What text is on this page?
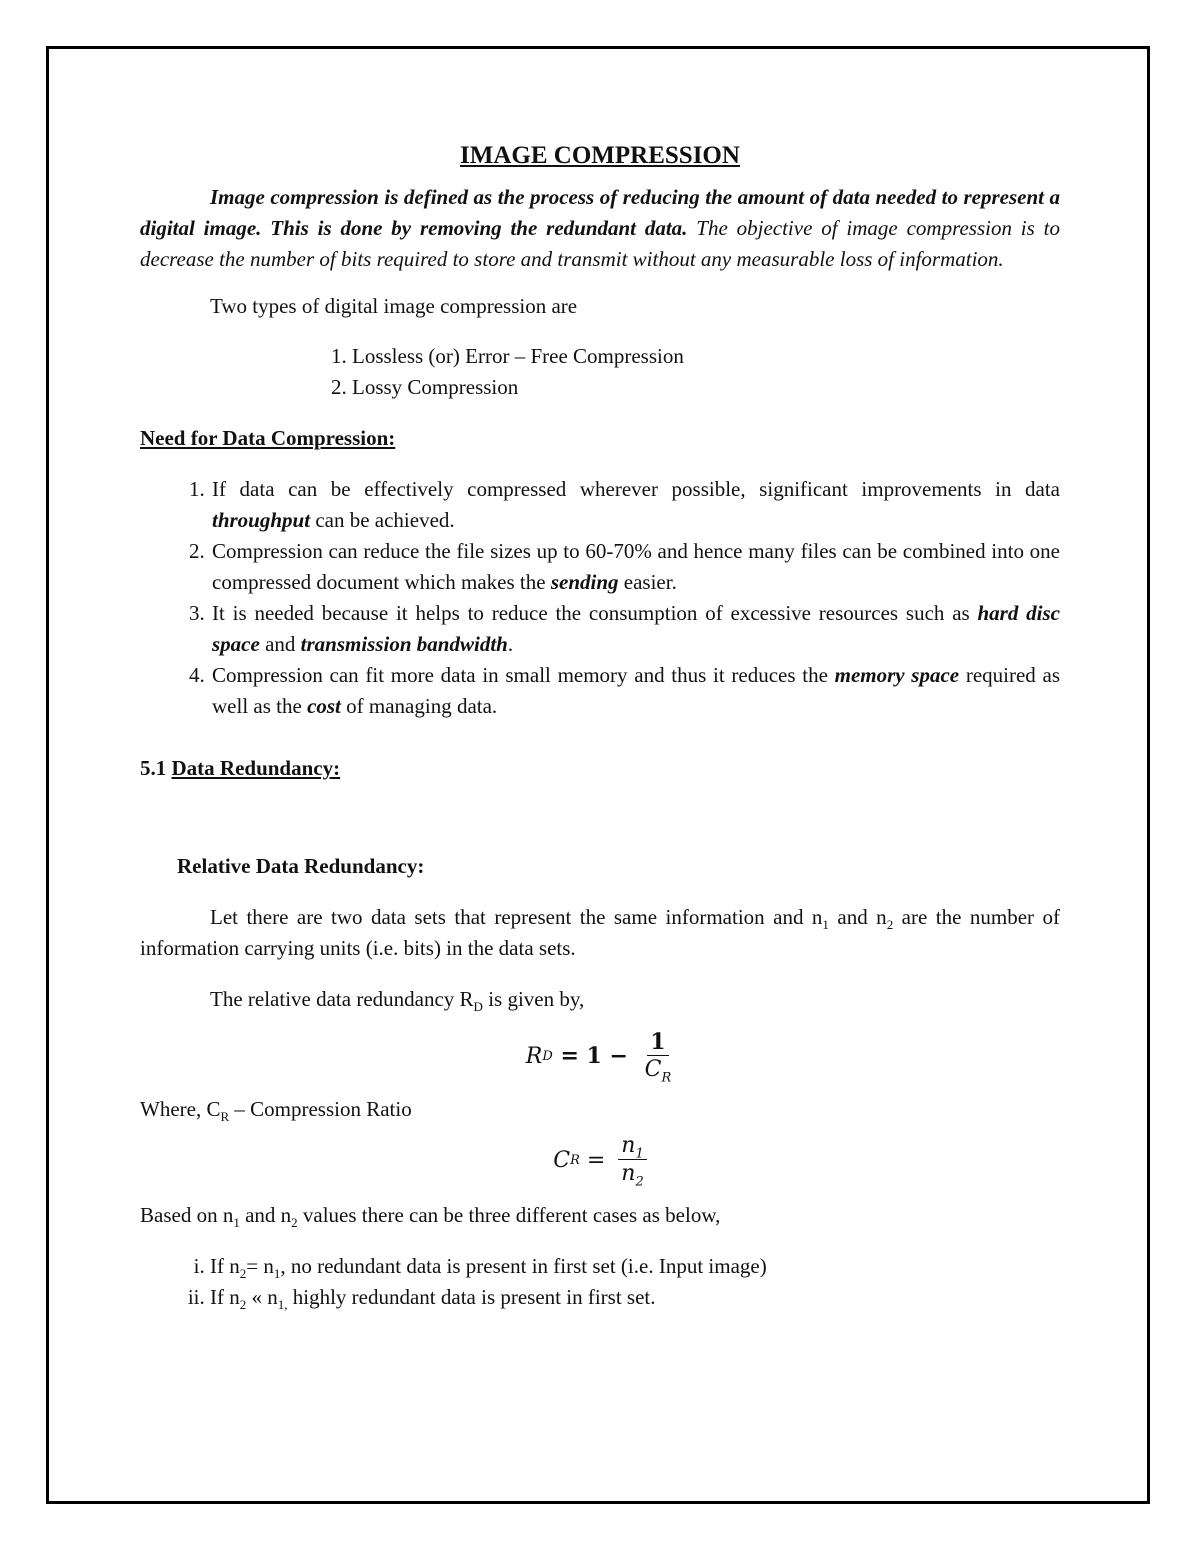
IMAGE COMPRESSION

Image compression is defined as the process of reducing the amount of data needed to represent a digital image. This is done by removing the redundant data. The objective of image compression is to decrease the number of bits required to store and transmit without any measurable loss of information.

Two types of digital image compression are

1. Lossless (or) Error – Free Compression
2. Lossy Compression

Need for Data Compression:

1. If data can be effectively compressed wherever possible, significant improvements in data throughput can be achieved.
2. Compression can reduce the file sizes up to 60-70% and hence many files can be combined into one compressed document which makes the sending easier.
3. It is needed because it helps to reduce the consumption of excessive resources such as hard disc space and transmission bandwidth.
4. Compression can fit more data in small memory and thus it reduces the memory space required as well as the cost of managing data.

5.1 Data Redundancy:

Relative Data Redundancy:

Let there are two data sets that represent the same information and $n_1$ and $n_2$ are the number of information carrying units (i.e. bits) in the data sets.

The relative data redundancy $R_D$ is given by,

R $D = 1 - \frac{1}{C_R}$

Where, $C_R$ – Compression Ratio

C $R = \frac{n_1}{n_2}$

Based on $n_1$ and $n_2$ values there can be three different cases as below,

i. If $n_2= n_1$, no redundant data is present in first set (i.e. Input image)
ii. If $n_2$ « $n_{1,}$ highly redundant data is present in first set.
